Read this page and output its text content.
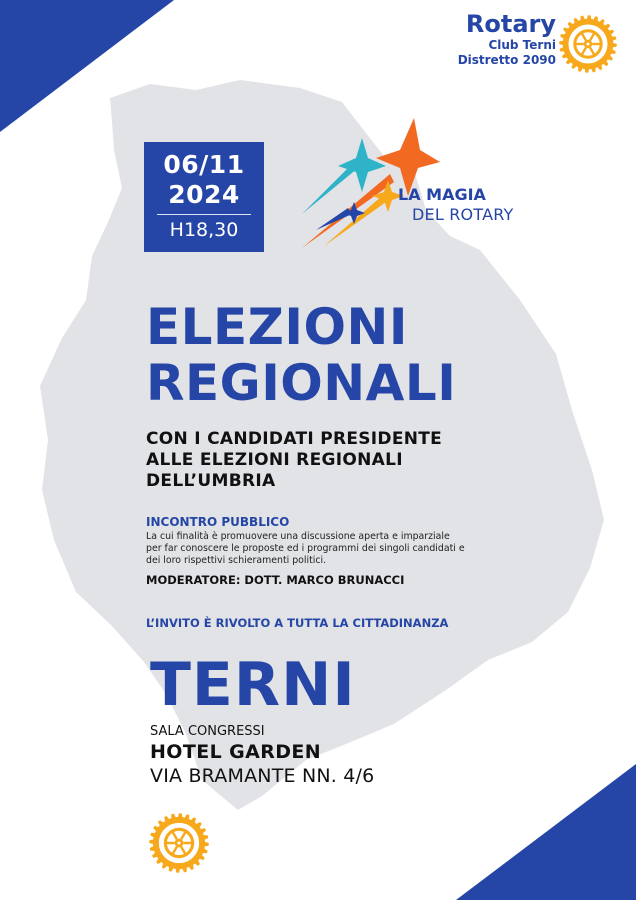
Rotary
Club Terni
Distretto 2090
06/11
2024
H18,30
LA MAGIA
DEL ROTARY
ELEZIONI
REGIONALI
CON I CANDIDATI PRESIDENTE
ALLE ELEZIONI REGIONALI
DELL’UMBRIA
INCONTRO PUBBLICO
La cui finalità è promuovere una discussione aperta e imparziale
per far conoscere le proposte ed i programmi dei singoli candidati e
dei loro rispettivi schieramenti politici.
MODERATORE: DOTT. MARCO BRUNACCI
L’INVITO È RIVOLTO A TUTTA LA CITTADINANZA
TERNI
SALA CONGRESSI
HOTEL GARDEN
VIA BRAMANTE NN. 4/6
